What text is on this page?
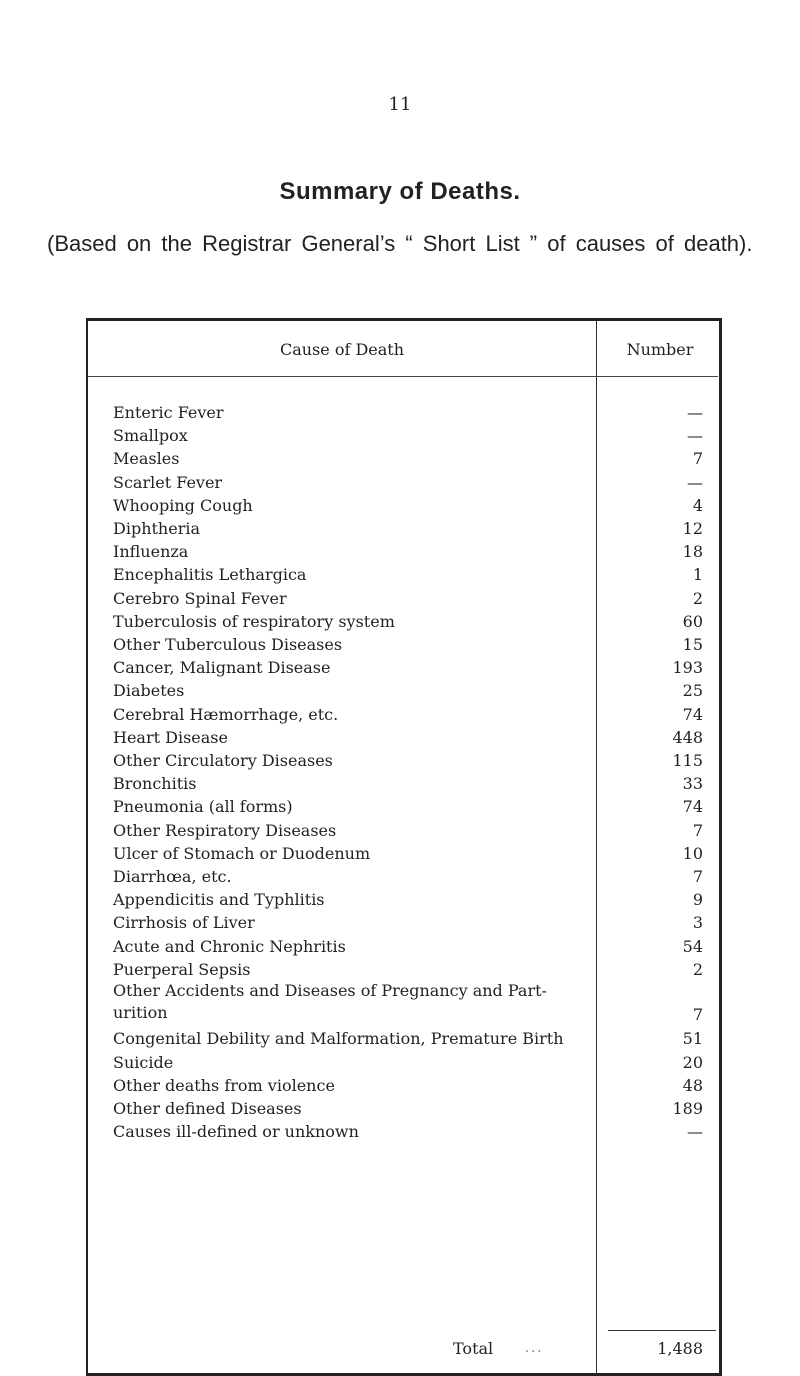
11
Summary of Deaths.
(Based on the Registrar General’s “ Short List ” of causes of death).
Cause of Death	Number
Enteric Fever	—
Smallpox	—
Measles	7
Scarlet Fever	—
Whooping Cough	4
Diphtheria	12
Influenza	18
Encephalitis Lethargica	1
Cerebro Spinal Fever	2
Tuberculosis of respiratory system	60
Other Tuberculous Diseases	15
Cancer, Malignant Disease	193
Diabetes	25
Cerebral Hæmorrhage, etc.	74
Heart Disease	448
Other Circulatory Diseases	115
Bronchitis	33
Pneumonia (all forms)	74
Other Respiratory Diseases	7
Ulcer of Stomach or Duodenum	10
Diarrhœa, etc.	7
Appendicitis and Typhlitis	9
Cirrhosis of Liver	3
Acute and Chronic Nephritis	54
Puerperal Sepsis	2
Other Accidents and Diseases of Pregnancy and Part-urition	7
Congenital Debility and Malformation, Premature Birth	51
Suicide	20
Other deaths from violence	48
Other defined Diseases	189
Causes ill-defined or unknown	—
Total ...	1,488
